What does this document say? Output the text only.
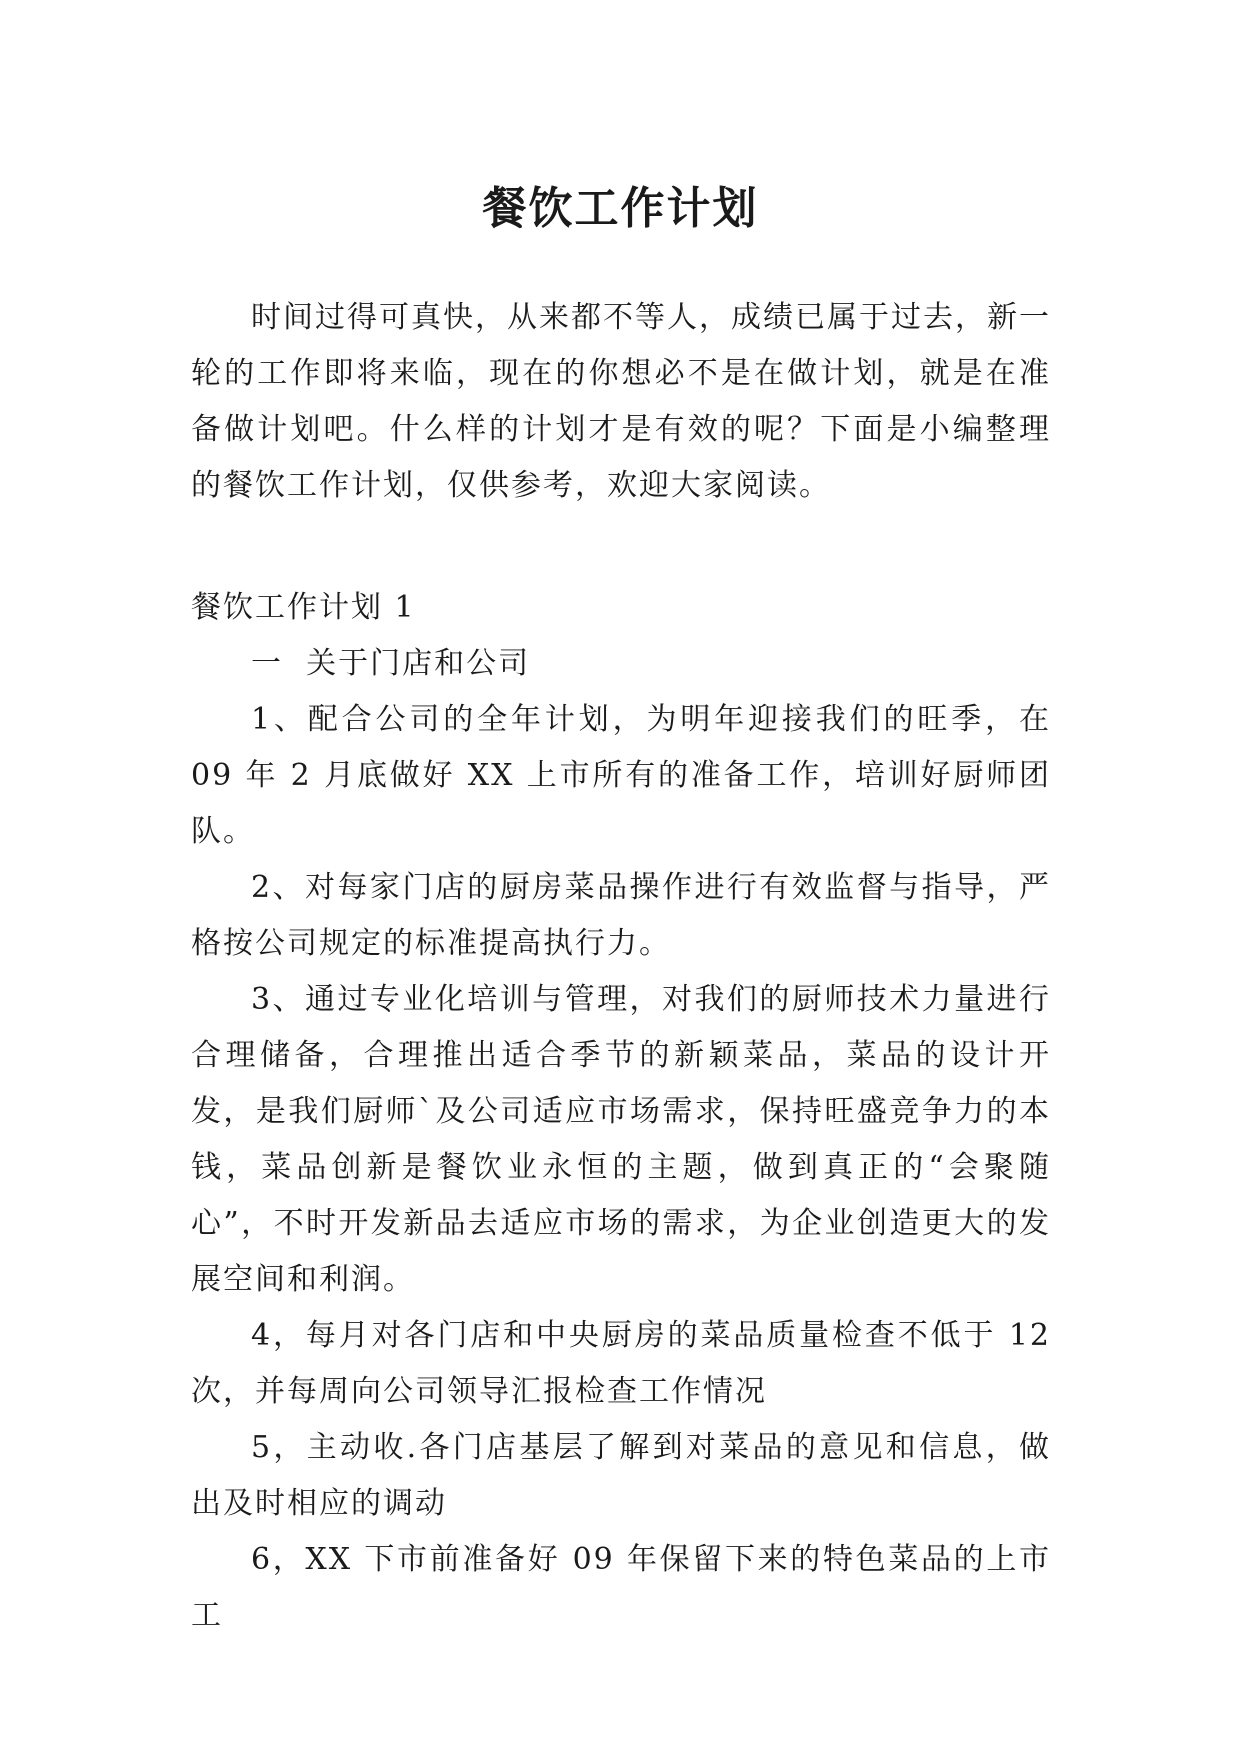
餐饮工作计划

时间过得可真快，从来都不等人，成绩已属于过去，新一轮的工作即将来临，现在的你想必不是在做计划，就是在准备做计划吧。什么样的计划才是有效的呢？下面是小编整理的餐饮工作计划，仅供参考，欢迎大家阅读。

餐饮工作计划 1

一  关于门店和公司

1、配合公司的全年计划，为明年迎接我们的旺季，在 09 年 2 月底做好 XX 上市所有的准备工作，培训好厨师团队。

2、对每家门店的厨房菜品操作进行有效监督与指导，严格按公司规定的标准提高执行力。

3、通过专业化培训与管理，对我们的厨师技术力量进行合理储备，合理推出适合季节的新颖菜品，菜品的设计开发，是我们厨师`及公司适应市场需求，保持旺盛竞争力的本钱，菜品创新是餐饮业永恒的主题，做到真正的“会聚随心”，不时开发新品去适应市场的需求，为企业创造更大的发展空间和利润。

4，每月对各门店和中央厨房的菜品质量检查不低于 12 次，并每周向公司领导汇报检查工作情况

5，主动收.各门店基层了解到对菜品的意见和信息，做出及时相应的调动

6，XX 下市前准备好 09 年保留下来的特色菜品的上市工
